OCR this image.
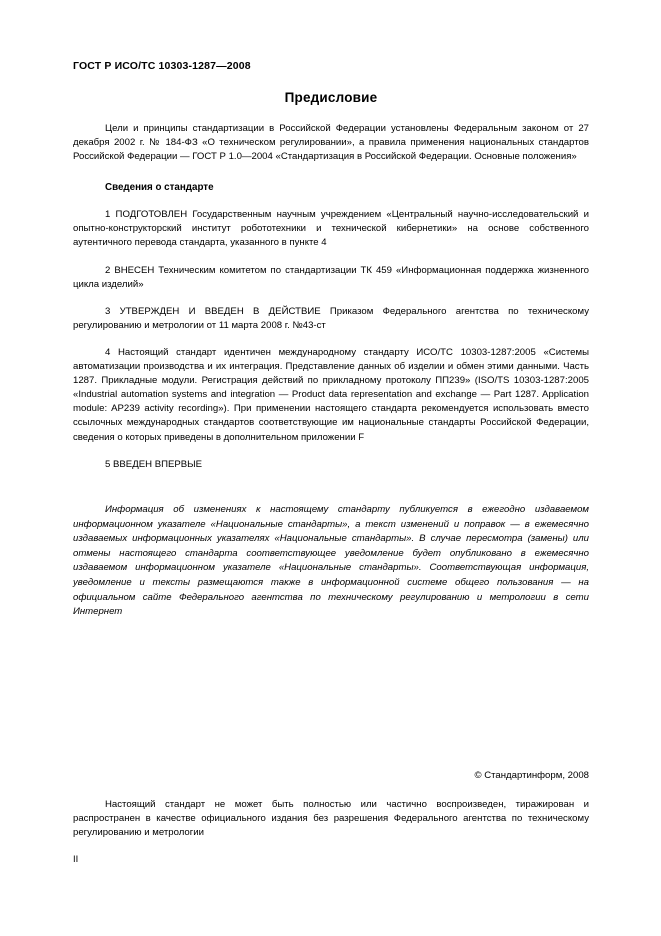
ГОСТ Р ИСО/ТС 10303-1287—2008
Предисловие

Цели и принципы стандартизации в Российской Федерации установлены Федеральным законом от 27 декабря 2002 г. № 184-ФЗ «О техническом регулировании», а правила применения национальных стандартов Российской Федерации — ГОСТ Р 1.0—2004 «Стандартизация в Российской Федерации. Основные положения»

Сведения о стандарте

1 ПОДГОТОВЛЕН Государственным научным учреждением «Центральный научно-исследовательский и опытно-конструкторский институт робототехники и технической кибернетики» на основе собственного аутентичного перевода стандарта, указанного в пункте 4

2 ВНЕСЕН Техническим комитетом по стандартизации ТК 459 «Информационная поддержка жизненного цикла изделий»

3 УТВЕРЖДЕН И ВВЕДЕН В ДЕЙСТВИЕ Приказом Федерального агентства по техническому регулированию и метрологии от 11 марта 2008 г. №43-ст

4 Настоящий стандарт идентичен международному стандарту ИСО/ТС 10303-1287:2005 «Системы автоматизации производства и их интеграция. Представление данных об изделии и обмен этими данными. Часть 1287. Прикладные модули. Регистрация действий по прикладному протоколу ПП239» (ISO/TS 10303-1287:2005 «Industrial automation systems and integration — Product data representation and exchange — Part 1287. Application module: AP239 activity recording»). При применении настоящего стандарта рекомендуется использовать вместо ссылочных международных стандартов соответствующие им национальные стандарты Российской Федерации, сведения о которых приведены в дополнительном приложении F

5 ВВЕДЕН ВПЕРВЫЕ

Информация об изменениях к настоящему стандарту публикуется в ежегодно издаваемом информационном указателе «Национальные стандарты», а текст изменений и поправок — в ежемесячно издаваемых информационных указателях «Национальные стандарты». В случае пересмотра (замены) или отмены настоящего стандарта соответствующее уведомление будет опубликовано в ежемесячно издаваемом информационном указателе «Национальные стандарты». Соответствующая информация, уведомление и тексты размещаются также в информационной системе общего пользования — на официальном сайте Федерального агентства по техническому регулированию и метрологии в сети Интернет

© Стандартинформ, 2008

Настоящий стандарт не может быть полностью или частично воспроизведен, тиражирован и распространен в качестве официального издания без разрешения Федерального агентства по техническому регулированию и метрологии

II
